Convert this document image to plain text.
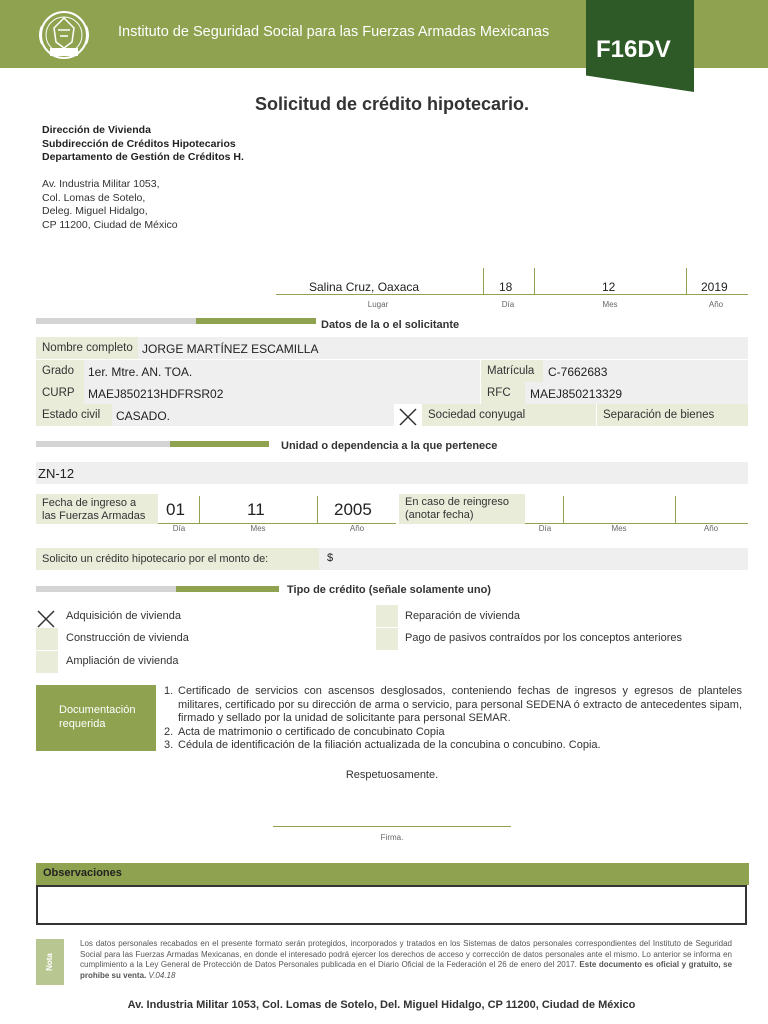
Instituto de Seguridad Social para las Fuerzas Armadas Mexicanas
F16DV
Solicitud de crédito hipotecario.
Dirección de Vivienda
Subdirección de Créditos Hipotecarios
Departamento de Gestión de Créditos H.
Av. Industria Militar 1053,
Col. Lomas de Sotelo,
Deleg. Miguel Hidalgo,
CP 11200, Ciudad de México
Salina Cruz, Oaxaca	18	12	2019
Lugar	Día	Mes	Año
Datos de la o el solicitante
Nombre completo JORGE MARTÍNEZ ESCAMILLA
Grado	1er. Mtre. AN. TOA.	Matrícula	C-7662683
CURP	MAEJ850213HDFRSR02	RFC	MAEJ850213329
Estado civil	CASADO.	Sociedad conyugal	Separación de bienes
Unidad o dependencia a la que pertenece
ZN-12
Fecha de ingreso a las Fuerzas Armadas	01	11	2005
Día	Mes	Año
En caso de reingreso (anotar fecha)
Día	Mes	Año
Solicito un crédito hipotecario por el monto de:	$
Tipo de crédito (señale solamente uno)
Adquisición de vivienda
Construcción de vivienda
Ampliación de vivienda
Reparación de vivienda
Pago de pasivos contraídos por los conceptos anteriores
Documentación
requerida
1. Certificado de servicios con ascensos desglosados, conteniendo fechas de ingresos y egresos de planteles militares, certificado por su dirección de arma o servicio, para personal SEDENA ó extracto de antecedentes sipam, firmado y sellado por la unidad de solicitante para personal SEMAR.
2. Acta de matrimonio o certificado de concubinato Copia
3. Cédula de identificación de la filiación actualizada de la concubina o concubino. Copia.
Respetuosamente.
Firma.
Observaciones
Nota
Los datos personales recabados en el presente formato serán protegidos, incorporados y tratados en los Sistemas de datos personales correspondientes del Instituto de Seguridad Social para las Fuerzas Armadas Mexicanas, en donde el interesado podrá ejercer los derechos de acceso y corrección de datos personales ante el mismo. Lo anterior se informa en cumplimiento a la Ley General de Protección de Datos Personales publicada en el Diario Oficial de la Federación el 26 de enero del 2017. Este documento es oficial y gratuito, se prohibe su venta. V.04.18
Av. Industria Militar 1053, Col. Lomas de Sotelo, Del. Miguel Hidalgo, CP 11200, Ciudad de México
